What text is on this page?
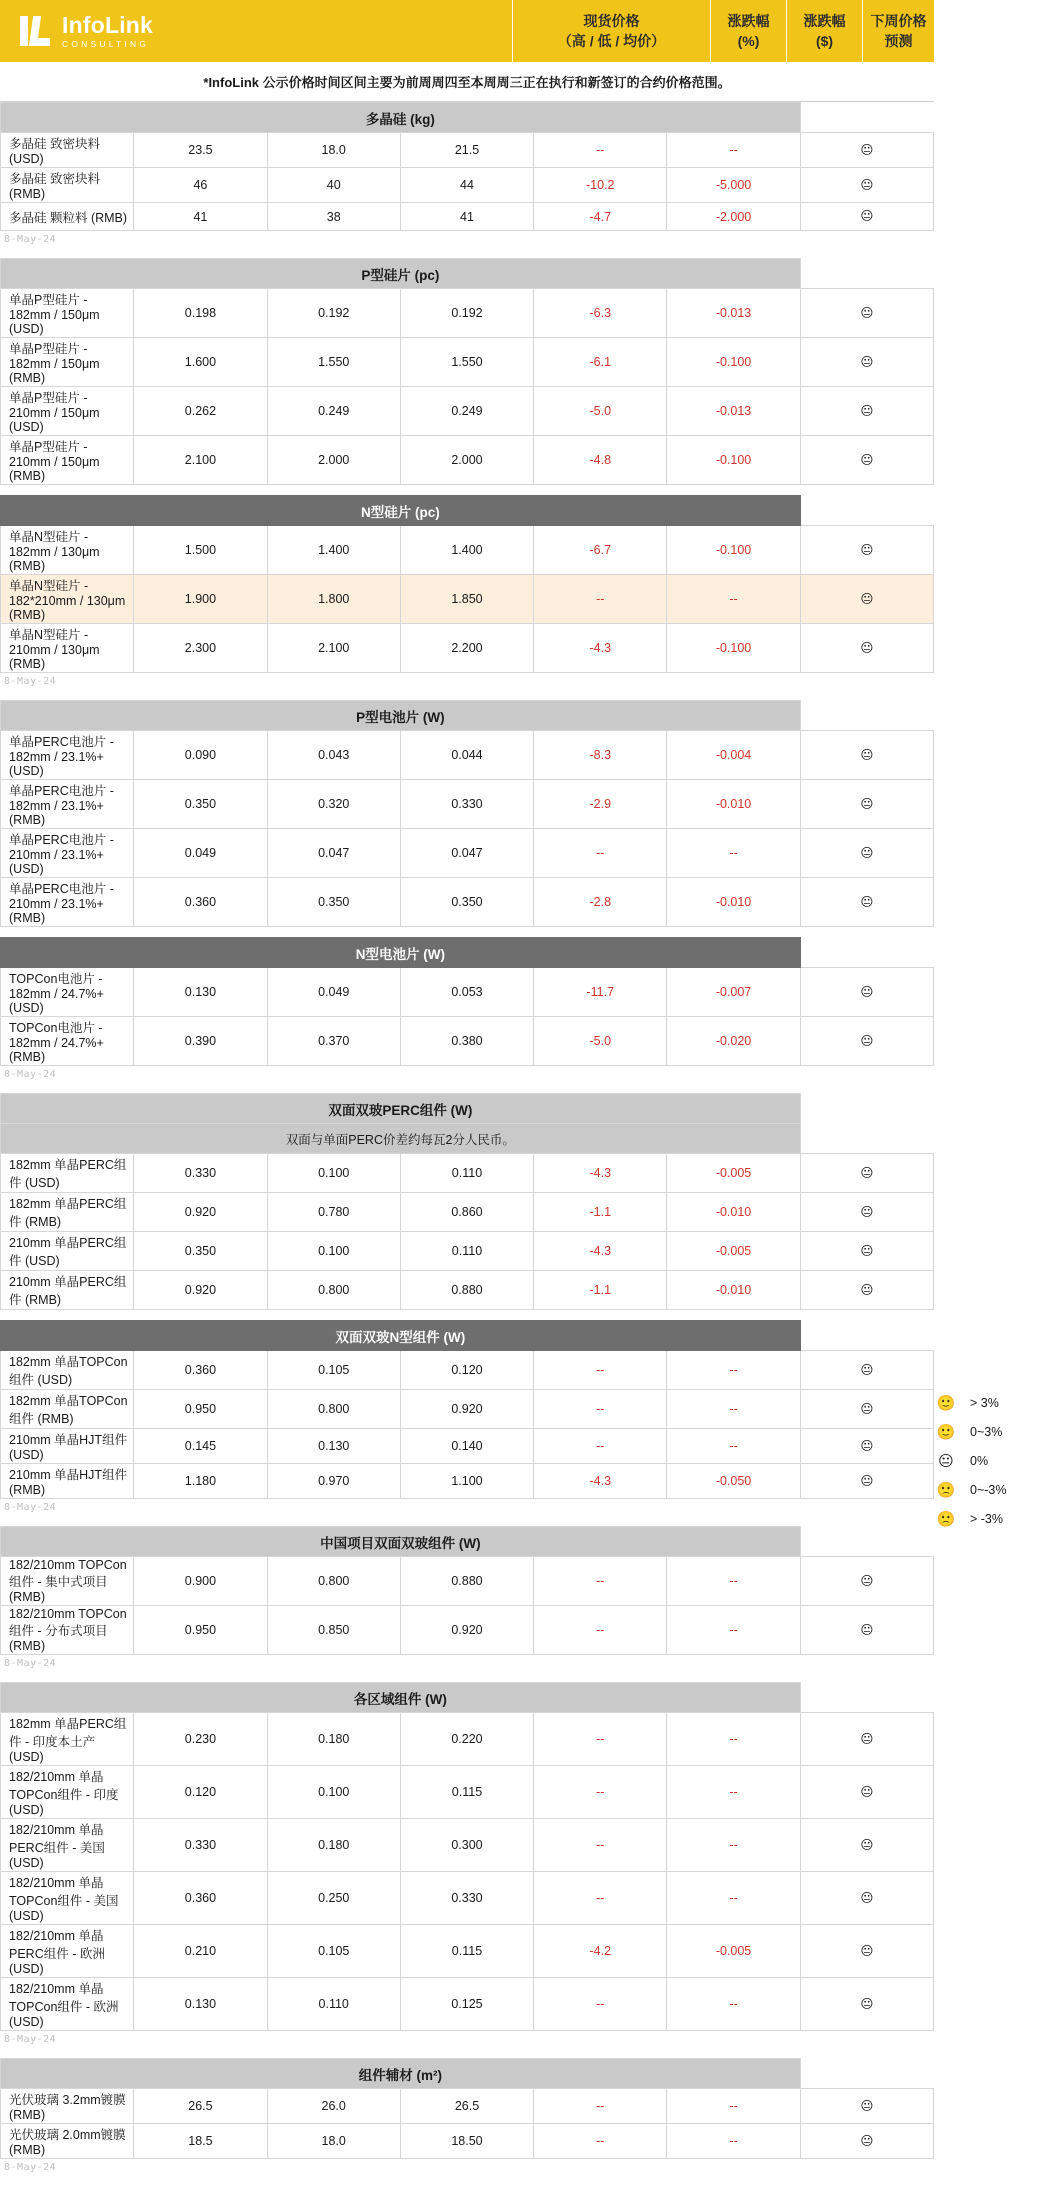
InfoLink
CONSULTING
现货价格
（高 / 低 / 均价）
涨跌幅
(%)
涨跌幅
($)
下周价格
预测
*InfoLink 公示价格时间区间主要为前周周四至本周周三正在执行和新签订的合约价格范围。
多晶硅 (kg)						
多晶硅 致密块料 (USD)	23.5	18.0	21.5	--	--	😐
多晶硅 致密块料 (RMB)	46	40	44	-10.2	-5.000	😐
多晶硅 颗粒料 (RMB)	41	38	41	-4.7	-2.000	😐
8-May-24
P型硅片 (pc)						
单晶P型硅片 - 182mm / 150μm (USD)	0.198	0.192	0.192	-6.3	-0.013	😐
单晶P型硅片 - 182mm / 150μm (RMB)	1.600	1.550	1.550	-6.1	-0.100	😐
单晶P型硅片 - 210mm / 150μm (USD)	0.262	0.249	0.249	-5.0	-0.013	😐
单晶P型硅片 - 210mm / 150μm (RMB)	2.100	2.000	2.000	-4.8	-0.100	😐
N型硅片 (pc)						
单晶N型硅片 - 182mm / 130μm (RMB)	1.500	1.400	1.400	-6.7	-0.100	😐
单晶N型硅片 - 182*210mm / 130μm (RMB)	1.900	1.800	1.850	--	--	😐
单晶N型硅片 - 210mm / 130μm (RMB)	2.300	2.100	2.200	-4.3	-0.100	😐
8-May-24
P型电池片 (W)						
单晶PERC电池片 - 182mm / 23.1%+ (USD)	0.090	0.043	0.044	-8.3	-0.004	😐
单晶PERC电池片 - 182mm / 23.1%+ (RMB)	0.350	0.320	0.330	-2.9	-0.010	😐
单晶PERC电池片 - 210mm / 23.1%+ (USD)	0.049	0.047	0.047	--	--	😐
单晶PERC电池片 - 210mm / 23.1%+ (RMB)	0.360	0.350	0.350	-2.8	-0.010	😐
N型电池片 (W)						
TOPCon电池片 - 182mm / 24.7%+(USD)	0.130	0.049	0.053	-11.7	-0.007	😐
TOPCon电池片 - 182mm / 24.7%+ (RMB)	0.390	0.370	0.380	-5.0	-0.020	😐
8-May-24
双面双玻PERC组件 (W)						
双面与单面PERC价差约每瓦2分人民币。						
182mm 单晶PERC组件 (USD)	0.330	0.100	0.110	-4.3	-0.005	😐
182mm 单晶PERC组件 (RMB)	0.920	0.780	0.860	-1.1	-0.010	😐
210mm 单晶PERC组件 (USD)	0.350	0.100	0.110	-4.3	-0.005	😐
210mm 单晶PERC组件 (RMB)	0.920	0.800	0.880	-1.1	-0.010	😐
双面双玻N型组件 (W)						
182mm 单晶TOPCon组件 (USD)	0.360	0.105	0.120	--	--	😐
182mm 单晶TOPCon组件 (RMB)	0.950	0.800	0.920	--	--	😐
210mm 单晶HJT组件 (USD)	0.145	0.130	0.140	--	--	😐
210mm 单晶HJT组件 (RMB)	1.180	0.970	1.100	-4.3	-0.050	😐
8-May-24
中国项目双面双玻组件 (W)						
182/210mm TOPCon组件 - 集中式项目 (RMB)	0.900	0.800	0.880	--	--	😐
182/210mm TOPCon组件 - 分布式项目 (RMB)	0.950	0.850	0.920	--	--	😐
8-May-24
各区域组件 (W)						
182mm 单晶PERC组件 - 印度本土产 (USD)	0.230	0.180	0.220	--	--	😐
182/210mm 单晶TOPCon组件 - 印度 (USD)	0.120	0.100	0.115	--	--	😐
182/210mm 单晶PERC组件 - 美国 (USD)	0.330	0.180	0.300	--	--	😐
182/210mm 单晶TOPCon组件 - 美国 (USD)	0.360	0.250	0.330	--	--	😐
182/210mm 单晶PERC组件 - 欧洲 (USD)	0.210	0.105	0.115	-4.2	-0.005	😐
182/210mm 单晶TOPCon组件 - 欧洲 (USD)	0.130	0.110	0.125	--	--	😐
8-May-24
组件辅材 (m²)						
光伏玻璃 3.2mm镀膜 (RMB)	26.5	26.0	26.5	--	--	😐
光伏玻璃 2.0mm镀膜 (RMB)	18.5	18.0	18.50	--	--	😐
8-May-24
🙂 > 3%
🙂 0~3%
😐 0%
🙁 0~-3%
🙁 > -3%
